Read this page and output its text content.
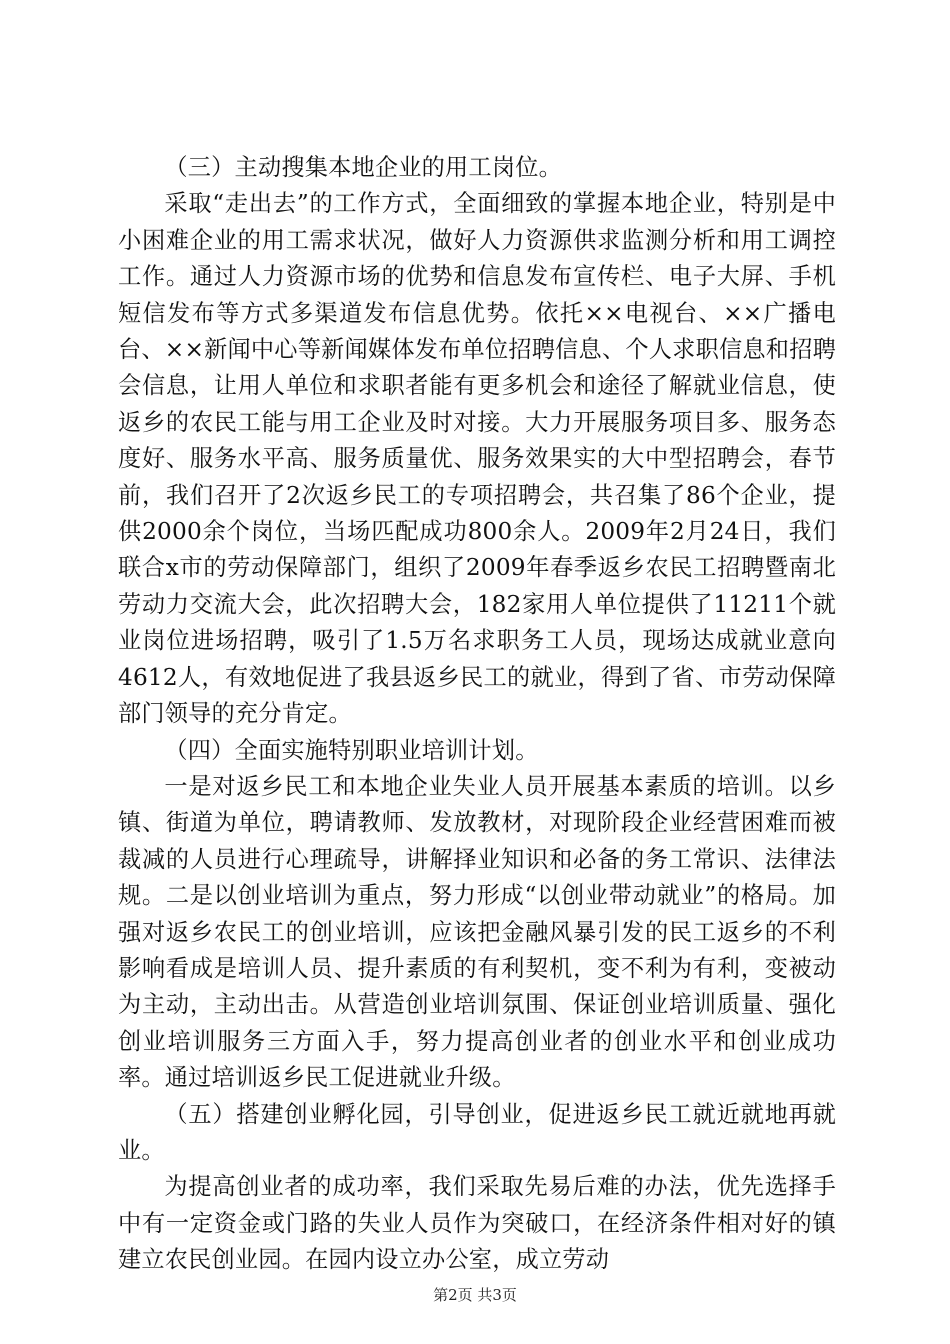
（三）主动搜集本地企业的用工岗位。

采取“走出去”的工作方式，全面细致的掌握本地企业，特别是中小困难企业的用工需求状况，做好人力资源供求监测分析和用工调控工作。通过人力资源市场的优势和信息发布宣传栏、电子大屏、手机短信发布等方式多渠道发布信息优势。依托××电视台、××广播电台、××新闻中心等新闻媒体发布单位招聘信息、个人求职信息和招聘会信息，让用人单位和求职者能有更多机会和途径了解就业信息，使返乡的农民工能与用工企业及时对接。大力开展服务项目多、服务态度好、服务水平高、服务质量优、服务效果实的大中型招聘会，春节前，我们召开了2次返乡民工的专项招聘会，共召集了86个企业，提供2000余个岗位，当场匹配成功800余人。2009年2月24日，我们联合x市的劳动保障部门，组织了2009年春季返乡农民工招聘暨南北劳动力交流大会，此次招聘大会，182家用人单位提供了11211个就业岗位进场招聘，吸引了1.5万名求职务工人员，现场达成就业意向4612人，有效地促进了我县返乡民工的就业，得到了省、市劳动保障部门领导的充分肯定。

（四）全面实施特别职业培训计划。

一是对返乡民工和本地企业失业人员开展基本素质的培训。以乡镇、街道为单位，聘请教师、发放教材，对现阶段企业经营困难而被裁减的人员进行心理疏导，讲解择业知识和必备的务工常识、法律法规。二是以创业培训为重点，努力形成“以创业带动就业”的格局。加强对返乡农民工的创业培训，应该把金融风暴引发的民工返乡的不利影响看成是培训人员、提升素质的有利契机，变不利为有利，变被动为主动，主动出击。从营造创业培训氛围、保证创业培训质量、强化创业培训服务三方面入手，努力提高创业者的创业水平和创业成功率。通过培训返乡民工促进就业升级。

（五）搭建创业孵化园，引导创业，促进返乡民工就近就地再就业。

为提高创业者的成功率，我们采取先易后难的办法，优先选择手中有一定资金或门路的失业人员作为突破口，在经济条件相对好的镇建立农民创业园。在园内设立办公室，成立劳动

第2页 共3页
